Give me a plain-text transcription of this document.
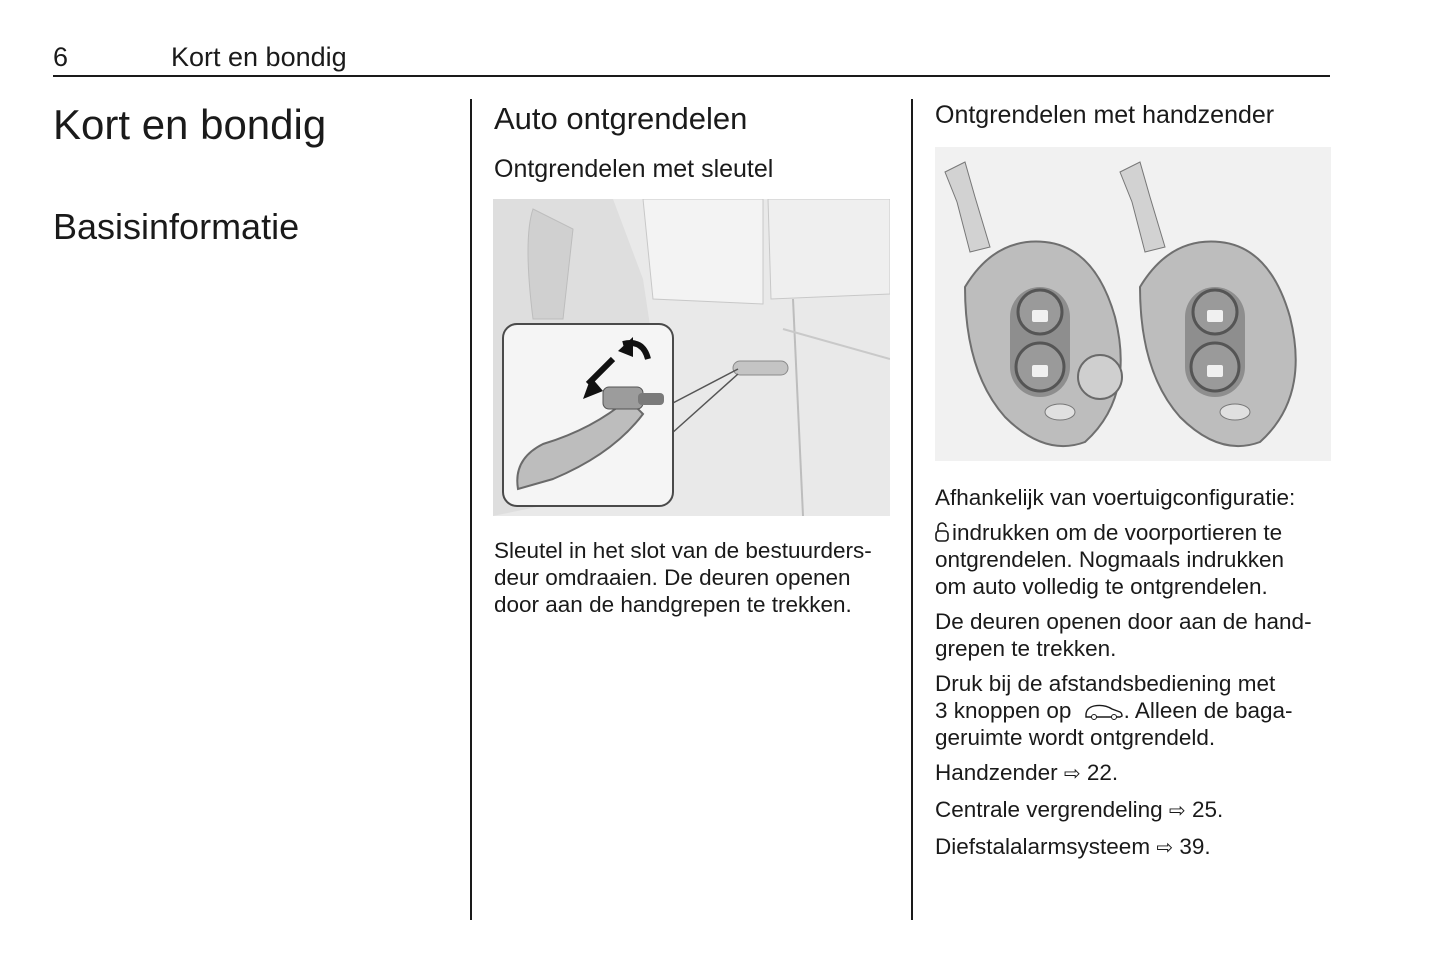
6	Kort en bondig
Kort en bondig
Basisinformatie
Auto ontgrendelen
Ontgrendelen met sleutel
Sleutel in het slot van de bestuurders-
deur omdraaien. De deuren openen
door aan de handgrepen te trekken.
Ontgrendelen met handzender

Afhankelijk van voertuigconfiguratie:

indrukken om de voorportieren te
ontgrendelen. Nogmaals indrukken
om auto volledig te ontgrendelen.

De deuren openen door aan de hand-
grepen te trekken.

Druk bij de afstandsbediening met
3 knoppen op . Alleen de baga-
geruimte wordt ontgrendeld.

Handzender ⇨ 22.

Centrale vergrendeling ⇨ 25.

Diefstalalarmsysteem ⇨ 39.
